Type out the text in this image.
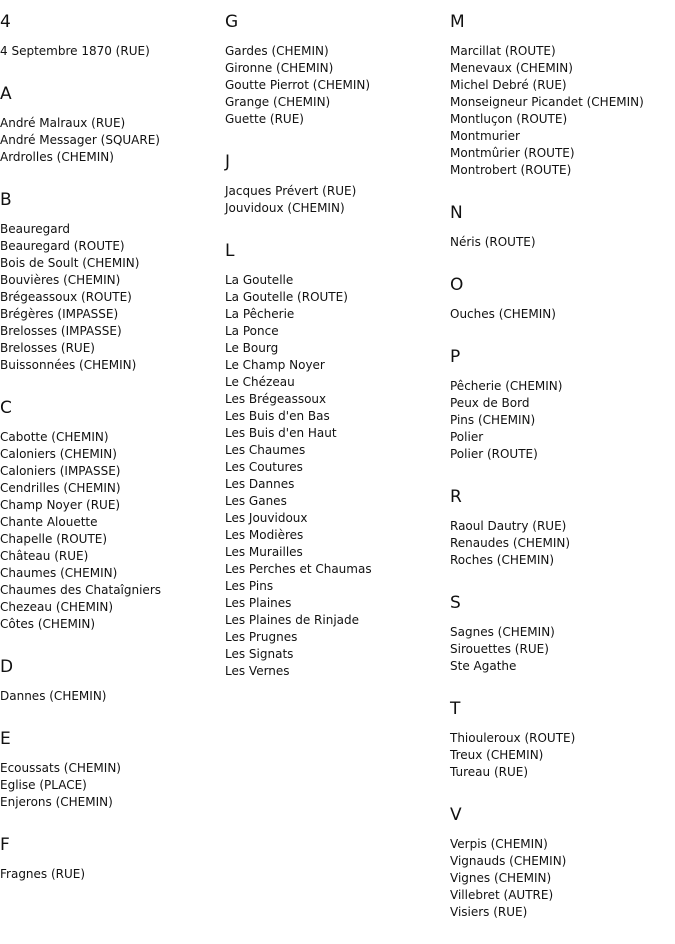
4
4 Septembre 1870 (RUE)
A
André Malraux (RUE)
André Messager (SQUARE)
Ardrolles (CHEMIN)
B
Beauregard
Beauregard (ROUTE)
Bois de Soult (CHEMIN)
Bouvières (CHEMIN)
Brégeassoux (ROUTE)
Brégères (IMPASSE)
Brelosses (IMPASSE)
Brelosses (RUE)
Buissonnées (CHEMIN)
C
Cabotte (CHEMIN)
Caloniers (CHEMIN)
Caloniers (IMPASSE)
Cendrilles (CHEMIN)
Champ Noyer (RUE)
Chante Alouette
Chapelle (ROUTE)
Château (RUE)
Chaumes (CHEMIN)
Chaumes des Chataîgniers
Chezeau (CHEMIN)
Côtes (CHEMIN)
D
Dannes (CHEMIN)
E
Ecoussats (CHEMIN)
Eglise (PLACE)
Enjerons (CHEMIN)
F
Fragnes (RUE)
G
Gardes (CHEMIN)
Gironne (CHEMIN)
Goutte Pierrot (CHEMIN)
Grange (CHEMIN)
Guette (RUE)
J
Jacques Prévert (RUE)
Jouvidoux (CHEMIN)
L
La Goutelle
La Goutelle (ROUTE)
La Pêcherie
La Ponce
Le Bourg
Le Champ Noyer
Le Chézeau
Les Brégeassoux
Les Buis d'en Bas
Les Buis d'en Haut
Les Chaumes
Les Coutures
Les Dannes
Les Ganes
Les Jouvidoux
Les Modières
Les Murailles
Les Perches et Chaumas
Les Pins
Les Plaines
Les Plaines de Rinjade
Les Prugnes
Les Signats
Les Vernes
M
Marcillat (ROUTE)
Menevaux (CHEMIN)
Michel Debré (RUE)
Monseigneur Picandet (CHEMIN)
Montluçon (ROUTE)
Montmurier
Montmûrier (ROUTE)
Montrobert (ROUTE)
N
Néris (ROUTE)
O
Ouches (CHEMIN)
P
Pêcherie (CHEMIN)
Peux de Bord
Pins (CHEMIN)
Polier
Polier (ROUTE)
R
Raoul Dautry (RUE)
Renaudes (CHEMIN)
Roches (CHEMIN)
S
Sagnes (CHEMIN)
Sirouettes (RUE)
Ste Agathe
T
Thiouleroux (ROUTE)
Treux (CHEMIN)
Tureau (RUE)
V
Verpis (CHEMIN)
Vignauds (CHEMIN)
Vignes (CHEMIN)
Villebret (AUTRE)
Visiers (RUE)
